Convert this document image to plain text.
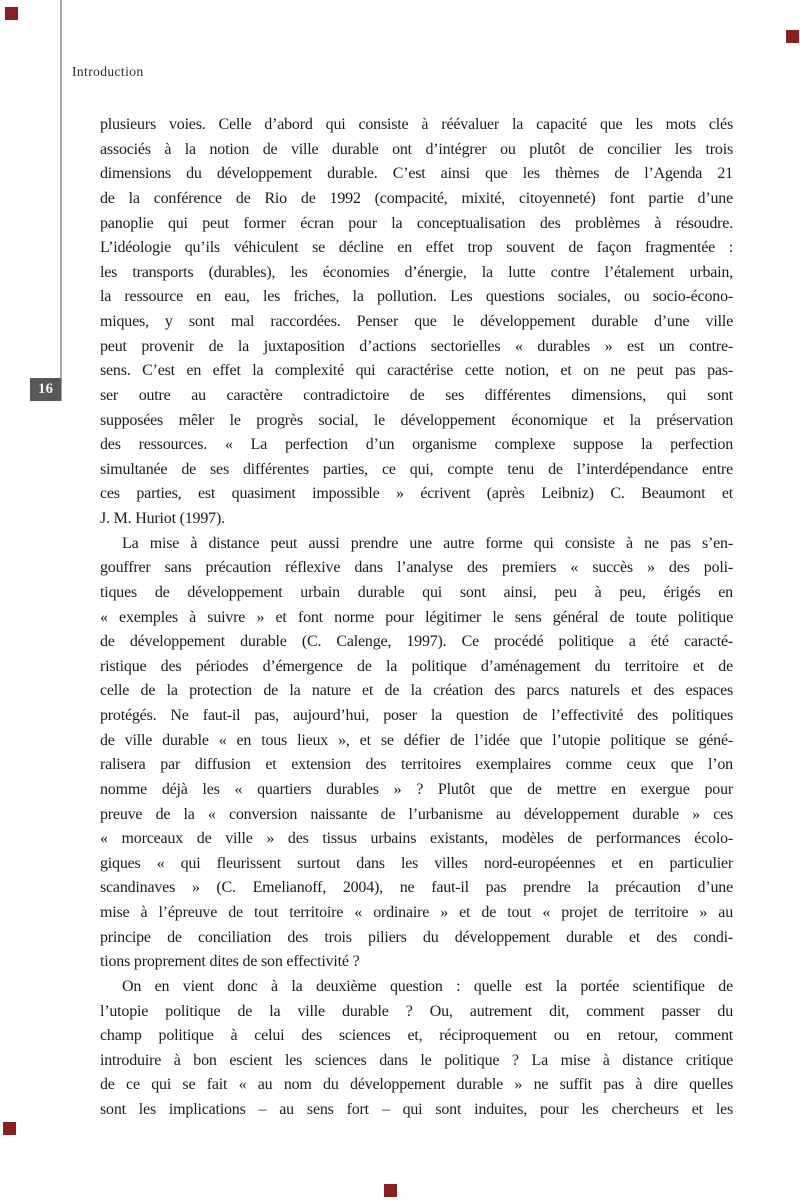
Introduction
16
plusieurs voies. Celle d’abord qui consiste à réévaluer la capacité que les mots clés
associés à la notion de ville durable ont d’intégrer ou plutôt de concilier les trois
dimensions du développement durable. C’est ainsi que les thèmes de l’Agenda 21
de la conférence de Rio de 1992 (compacité, mixité, citoyenneté) font partie d’une
panoplie qui peut former écran pour la conceptualisation des problèmes à résoudre.
L’idéologie qu’ils véhiculent se décline en effet trop souvent de façon fragmentée :
les transports (durables), les économies d’énergie, la lutte contre l’étalement urbain,
la ressource en eau, les friches, la pollution. Les questions sociales, ou socio-écono-
miques, y sont mal raccordées. Penser que le développement durable d’une ville
peut provenir de la juxtaposition d’actions sectorielles « durables » est un contre-
sens. C’est en effet la complexité qui caractérise cette notion, et on ne peut pas pas-
ser outre au caractère contradictoire de ses différentes dimensions, qui sont
supposées mêler le progrès social, le développement économique et la préservation
des ressources. « La perfection d’un organisme complexe suppose la perfection
simultanée de ses différentes parties, ce qui, compte tenu de l’interdépendance entre
ces parties, est quasiment impossible » écrivent (après Leibniz) C. Beaumont et
J. M. Huriot (1997).
La mise à distance peut aussi prendre une autre forme qui consiste à ne pas s’en-
gouffrer sans précaution réflexive dans l’analyse des premiers « succès » des poli-
tiques de développement urbain durable qui sont ainsi, peu à peu, érigés en
« exemples à suivre » et font norme pour légitimer le sens général de toute politique
de développement durable (C. Calenge, 1997). Ce procédé politique a été caracté-
ristique des périodes d’émergence de la politique d’aménagement du territoire et de
celle de la protection de la nature et de la création des parcs naturels et des espaces
protégés. Ne faut-il pas, aujourd’hui, poser la question de l’effectivité des politiques
de ville durable « en tous lieux », et se défier de l’idée que l’utopie politique se géné-
ralisera par diffusion et extension des territoires exemplaires comme ceux que l’on
nomme déjà les « quartiers durables » ? Plutôt que de mettre en exergue pour
preuve de la « conversion naissante de l’urbanisme au développement durable » ces
« morceaux de ville » des tissus urbains existants, modèles de performances écolo-
giques « qui fleurissent surtout dans les villes nord-européennes et en particulier
scandinaves » (C. Emelianoff, 2004), ne faut-il pas prendre la précaution d’une
mise à l’épreuve de tout territoire « ordinaire » et de tout « projet de territoire » au
principe de conciliation des trois piliers du développement durable et des condi-
tions proprement dites de son effectivité ?
On en vient donc à la deuxième question : quelle est la portée scientifique de
l’utopie politique de la ville durable ? Ou, autrement dit, comment passer du
champ politique à celui des sciences et, réciproquement ou en retour, comment
introduire à bon escient les sciences dans le politique ? La mise à distance critique
de ce qui se fait « au nom du développement durable » ne suffit pas à dire quelles
sont les implications – au sens fort – qui sont induites, pour les chercheurs et les
